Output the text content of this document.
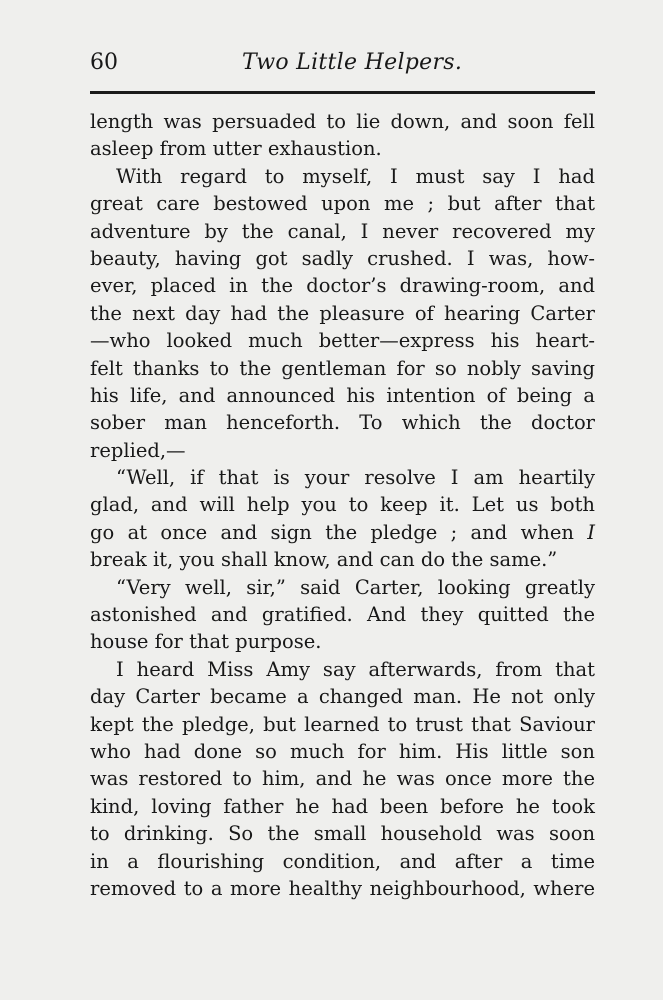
60	Two Little Helpers.
length was persuaded to lie down, and soon fell
asleep from utter exhaustion.
With regard to myself, I must say I had
great care bestowed upon me ; but after that
adventure by the canal, I never recovered my
beauty, having got sadly crushed. I was, how-
ever, placed in the doctor’s drawing-room, and
the next day had the pleasure of hearing Carter
—who looked much better—express his heart-
felt thanks to the gentleman for so nobly saving
his life, and announced his intention of being a
sober man henceforth. To which the doctor
replied,—
“Well, if that is your resolve I am heartily
glad, and will help you to keep it. Let us both
go at once and sign the pledge ; and when I
break it, you shall know, and can do the same.”
“Very well, sir,” said Carter, looking greatly
astonished and gratified. And they quitted the
house for that purpose.
I heard Miss Amy say afterwards, from that
day Carter became a changed man. He not only
kept the pledge, but learned to trust that Saviour
who had done so much for him. His little son
was restored to him, and he was once more the
kind, loving father he had been before he took
to drinking. So the small household was soon
in a flourishing condition, and after a time
removed to a more healthy neighbourhood, where
